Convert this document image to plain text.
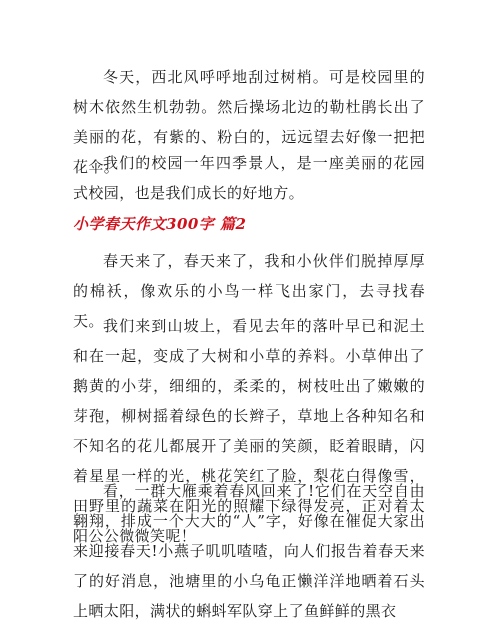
冬天，西北风呼呼地刮过树梢。可是校园里的树木依然生机勃勃。然后操场北边的勒杜鹃长出了美丽的花，有紫的、粉白的，远远望去好像一把把花伞。

我们的校园一年四季景人，是一座美丽的花园式校园，也是我们成长的好地方。

小学春天作文300字 篇2

春天来了，春天来了，我和小伙伴们脱掉厚厚的棉袄，像欢乐的小鸟一样飞出家门，去寻找春天。 我们来到山坡上，看见去年的落叶早已和泥土和在一起，变成了大树和小草的养料。小草伸出了鹅黄的小芽，细细的，柔柔的，树枝吐出了嫩嫩的芽孢，柳树摇着绿色的长辫子，草地上各种知名和不知名的花儿都展开了美丽的笑颜，眨着眼睛，闪着星星一样的光，桃花笑红了脸，梨花白得像雪，田野里的蔬菜在阳光的照耀下绿得发亮，正对着太阳公公微微笑呢！

看，一群大雁乘着春风回来了!它们在天空自由翱翔，排成一个大大的“人”字，好像在催促大家出来迎接春天!小燕子叽叽喳喳，向人们报告着春天来了的好消息，池塘里的小乌龟正懒洋洋地晒着石头上晒太阳，满状的蝌蚪军队穿上了鱼鲜鲜的黑衣
